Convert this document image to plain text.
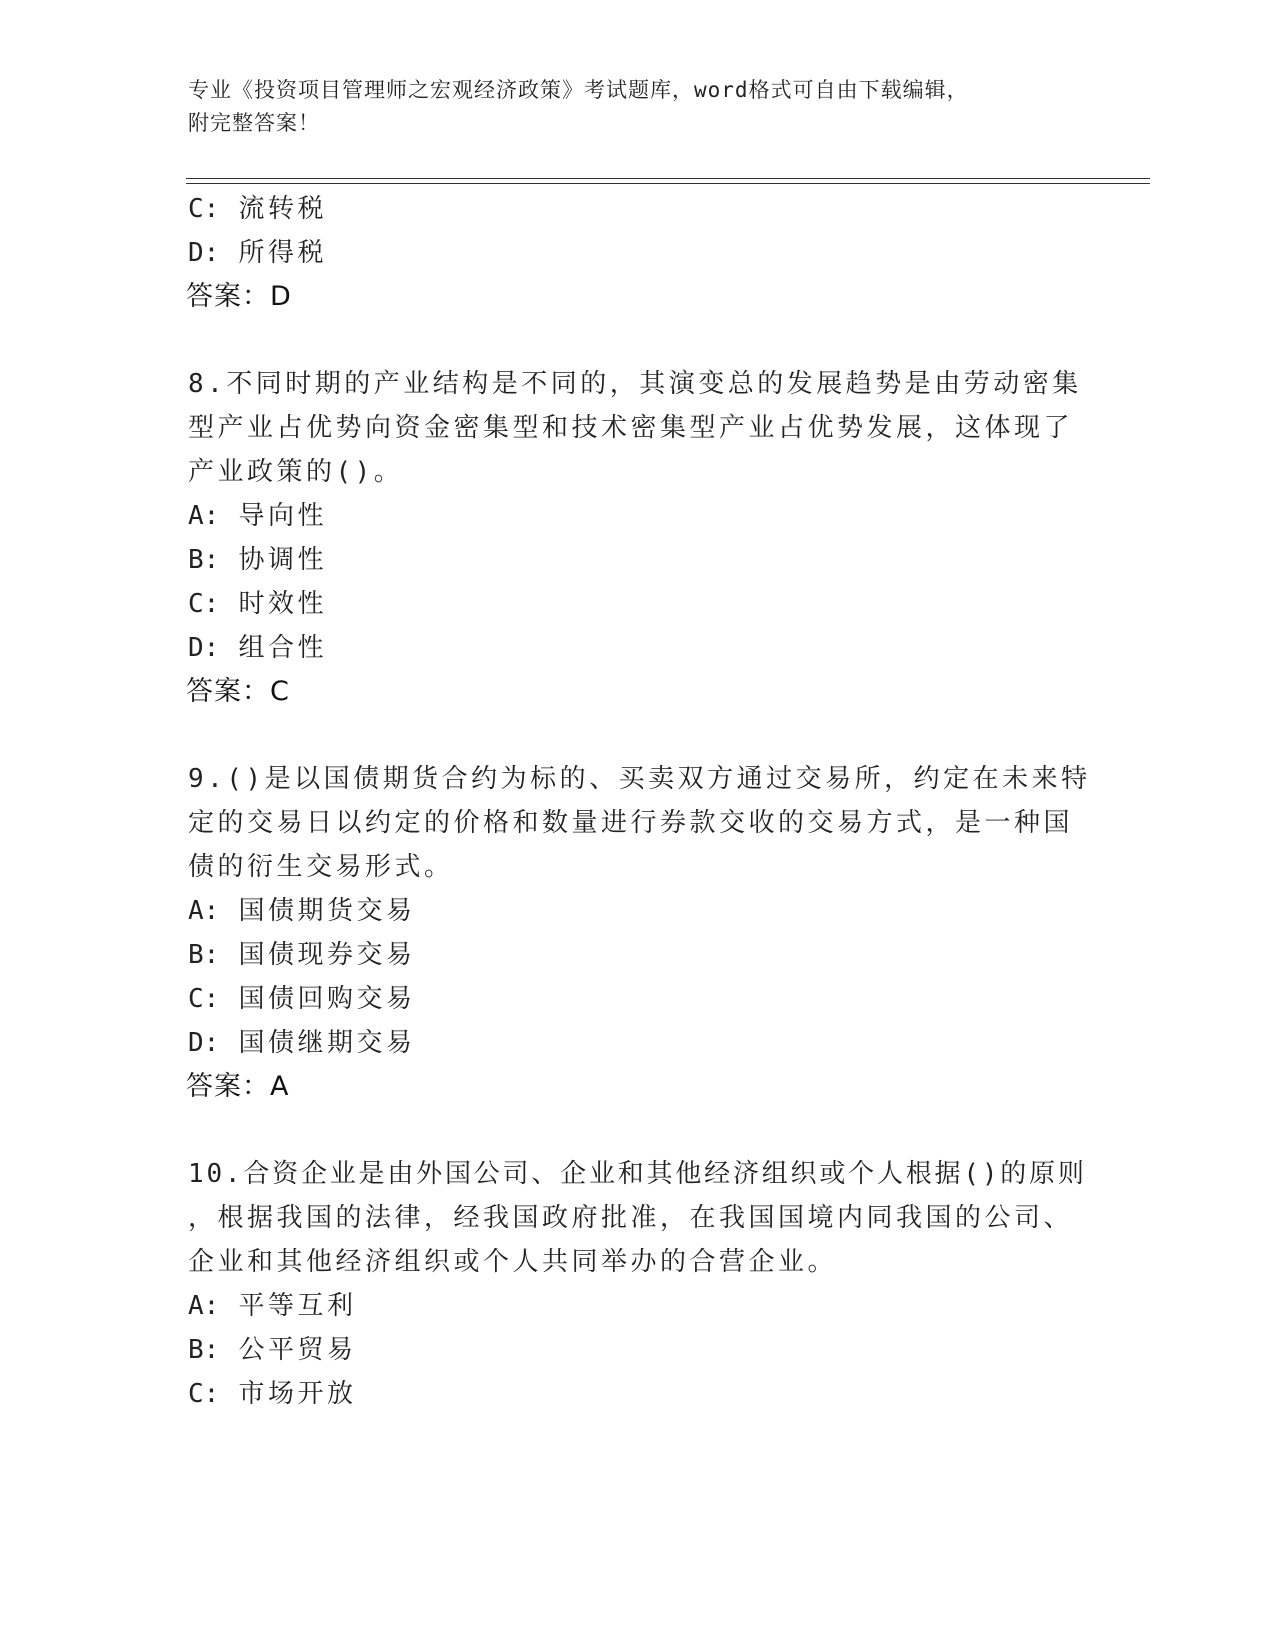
专业《投资项目管理师之宏观经济政策》考试题库，word格式可自由下载编辑，
附完整答案！
C: 流转税
D: 所得税
答案：D
8.不同时期的产业结构是不同的，其演变总的发展趋势是由劳动密集
型产业占优势向资金密集型和技术密集型产业占优势发展，这体现了
产业政策的()。
A: 导向性
B: 协调性
C: 时效性
D: 组合性
答案：C
9.()是以国债期货合约为标的、买卖双方通过交易所，约定在未来特
定的交易日以约定的价格和数量进行券款交收的交易方式，是一种国
债的衍生交易形式。
A: 国债期货交易
B: 国债现券交易
C: 国债回购交易
D: 国债继期交易
答案：A
10.合资企业是由外国公司、企业和其他经济组织或个人根据()的原则
，根据我国的法律，经我国政府批准，在我国国境内同我国的公司、
企业和其他经济组织或个人共同举办的合营企业。
A: 平等互利
B: 公平贸易
C: 市场开放
